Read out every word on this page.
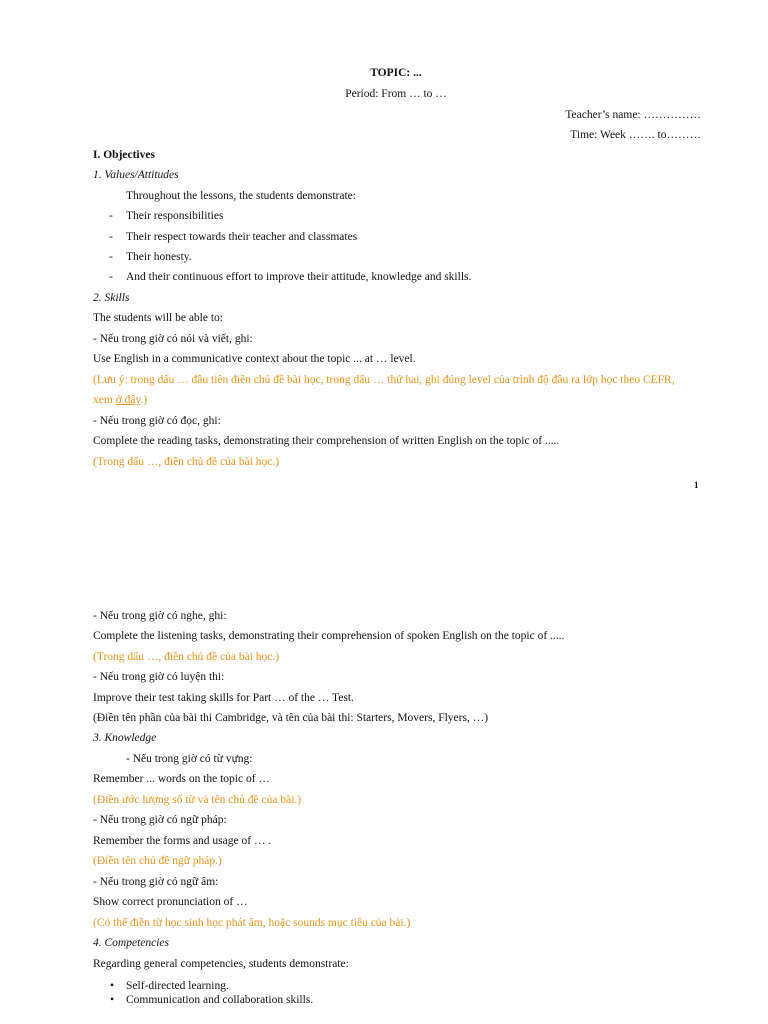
TOPIC: ...
Period: From … to …
Teacher’s name: ……………
Time: Week ……. to………
I. Objectives
1. Values/Attitudes
Throughout the lessons, the students demonstrate:
- Their responsibilities
- Their respect towards their teacher and classmates
- Their honesty.
- And their continuous effort to improve their attitude, knowledge and skills.
2. Skills
The students will be able to:
- Nếu trong giờ có nói và viết, ghi:
Use English in a communicative context about the topic ... at … level.
(Lưu ý: trong dấu … đầu tiên điền chủ đề bài học, trong dấu … thứ hai, ghi đúng level của trình độ đầu ra lớp học theo CEFR,
xem ở đây.)
- Nếu trong giờ có đọc, ghi:
Complete the reading tasks, demonstrating their comprehension of written English on the topic of .....
(Trong dấu …, điền chủ đề của bài học.)
1
- Nếu trong giờ có nghe, ghi:
Complete the listening tasks, demonstrating their comprehension of spoken English on the topic of .....
(Trong dấu …, điền chủ đề của bài học.)
- Nếu trong giờ có luyện thi:
Improve their test taking skills for Part … of the … Test.
(Điền tên phần của bài thi Cambridge, và tên của bài thi: Starters, Movers, Flyers, …)
3. Knowledge
- Nếu trong giờ có từ vựng:
Remember ... words on the topic of …
(Điền ước lượng số từ và tên chủ đề của bài.)
- Nếu trong giờ có ngữ pháp:
Remember the forms and usage of … .
(Điền tên chủ đề ngữ pháp.)
- Nếu trong giờ có ngữ âm:
Show correct pronunciation of …
(Có thể điền từ học sinh học phát âm, hoặc sounds mục tiêu của bài.)
4. Competencies
Regarding general competencies, students demonstrate:
• Self-directed learning.
• Communication and collaboration skills.
